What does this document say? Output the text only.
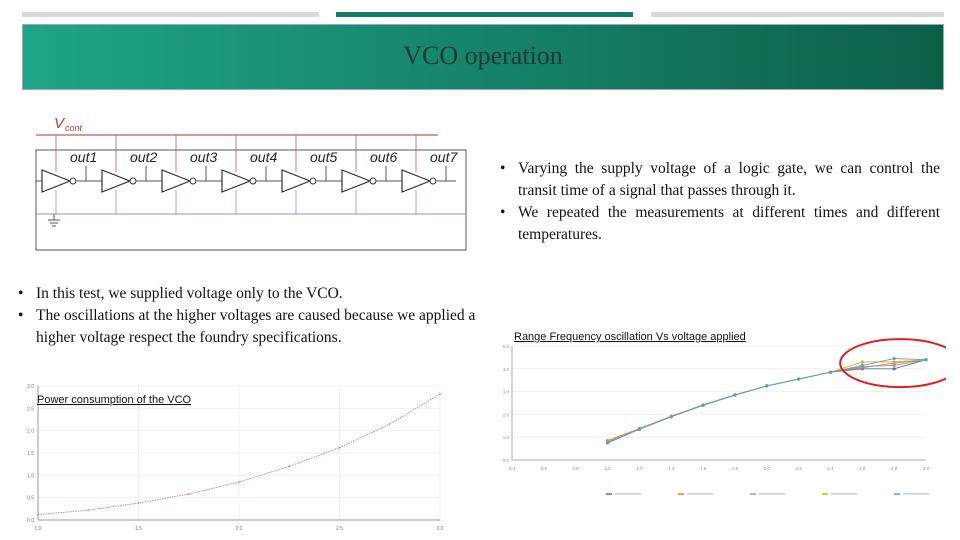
VCO operation
V cont
out1 out2 out3 out4 out5 out6 out7
• Varying the supply voltage of a logic gate, we can control the transit time of a signal that passes through it.
• We repeated the measurements at different times and different temperatures.
• In this test, we supplied voltage only to the VCO.
• The oscillations at the higher voltages are caused because we applied a higher voltage respect the foundry specifications.
0.0
0.5
1.0
1.5
2.0
2.5
3.0
1.0	1.5	2.0	2.5	3.0
Power consumption of the VCO
0.0
1.0
2.0
3.0
4.0
5.0
0.4	0.6	0.8	1.0	1.2	1.4	1.6	1.8	2.0	2.2	2.4	2.6	2.8	3.0
Range Frequency oscillation Vs voltage applied
